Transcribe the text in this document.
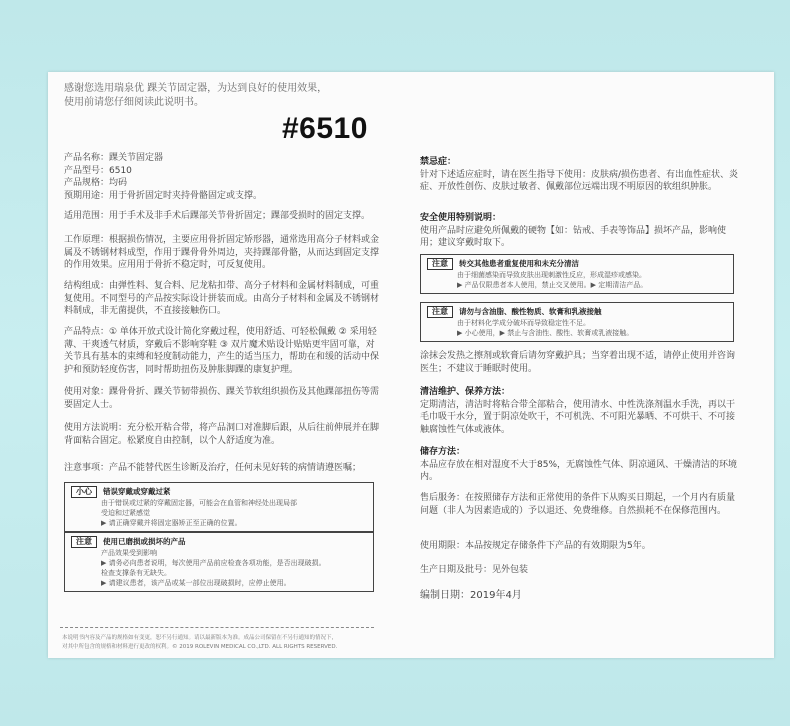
感谢您选用瑞泉优 踝关节固定器，为达到良好的使用效果，
使用前请您仔细阅读此说明书。
#6510
产品名称：踝关节固定器
产品型号：6510
产品规格：均码
预期用途：用于骨折固定时夹持骨骼固定或支撑。
适用范围：用于手术及非手术后踝部关节骨折固定；踝部受损时的固定支撑。
工作原理：根据损伤情况，主要应用骨折固定矫形器，通常选用高分子材料或金属及不锈钢材料成型，作用于踝骨骨外周边，夹持踝部骨骼，从而达到固定支撑的作用效果。应用用于骨折不稳定时，可反复使用。
结构组成：由弹性料、复合料、尼龙粘扣带、高分子材料和金属材料制成，可重复使用。不同型号的产品按实际设计拼装而成。由高分子材料和金属及不锈钢材料制成，非无菌提供，不直接接触伤口。
产品特点：① 单体开放式设计简化穿戴过程，使用舒适、可轻松佩戴 ② 采用轻薄、干爽透气材质，穿戴后不影响穿鞋 ③ 双片魔术贴设计贴贴更牢固可靠，对关节具有基本的束缚和轻度制动能力，产生的适当压力，帮助在和缓的活动中保护和预防轻度伤害，同时帮助扭伤及肿胀脚踝的康复护理。
使用对象：踝骨骨折、踝关节韧带损伤、踝关节软组织损伤及其他踝部扭伤等需要固定人士。
使用方法说明：充分松开粘合带，将产品洞口对准脚后跟，从后往前伸展并在脚背面粘合固定。松紧度自由控制，以个人舒适度为准。
注意事项：产品不能替代医生诊断及治疗，任何未见好转的病情请遵医嘱；
小心	错误穿戴或穿戴过紧
由于错误或过紧的穿戴固定器，可能会在血管和神经处出现局部
受迫和过紧感觉
▶ 请正确穿戴并将固定器矫正至正确的位置。
注意	使用已磨损或损坏的产品
产品效果受到影响
▶ 请务必向患者说明，每次使用产品前应检查各项功能，是否出现破损。
检查支撑条有无缺失。
▶ 请建议患者，该产品或某一部位出现破损时，应停止使用。
本说明书内容及产品的规格如有变更，恕不另行通知。请以最新版本为准。成品公司保留在不另行通知的情况下，
对其中所包含的规格和材料进行更改的权利。© 2019 ROLEVIN MEDICAL CO.,LTD. ALL RIGHTS RESERVED.
禁忌症：
针对下述适应症时，请在医生指导下使用：皮肤病/损伤患者、有出血性症状、炎症、开放性创伤、皮肤过敏者、佩戴部位远端出现不明原因的软组织肿胀。
安全使用特别说明：
使用产品时应避免所佩戴的硬物【如：钻戒、手表等饰品】损坏产品，影响使用；建议穿戴时取下。
注意	转交其他患者重复使用和未充分清洁
由于细菌感染而导致皮肤出现刺激性反应，形成湿疹或感染。
▶ 产品仅限患者本人使用，禁止交叉使用。▶ 定期清洁产品。
注意	请勿与含油脂、酸性物质、软膏和乳液接触
由于材料化学成分破坏而导致稳定性不足。
▶ 小心使用，▶ 禁止与含油性、酸性、软膏或乳液接触。
涂抹会发热之擦剂或软膏后请勿穿戴护具；当穿着出现不适，请停止使用并咨询医生；不建议于睡眠时使用。
清洁维护、保养方法：
定期清洁，清洁时将粘合带全部粘合，使用清水、中性洗涤剂温水手洗，再以干毛巾吸干水分，置于阴凉处吹干，不可机洗、不可阳光暴晒、不可烘干、不可接触腐蚀性气体或液体。
储存方法：
本品应存放在相对湿度不大于85%，无腐蚀性气体、阴凉通风、干燥清洁的环境内。
售后服务：在按照储存方法和正常使用的条件下从购买日期起，一个月内有质量问题（非人为因素造成的）予以退还、免费维修。自然损耗不在保修范围内。
使用期限：本品按规定存储条件下产品的有效期限为5年。
生产日期及批号：见外包装
编制日期：2019年4月
